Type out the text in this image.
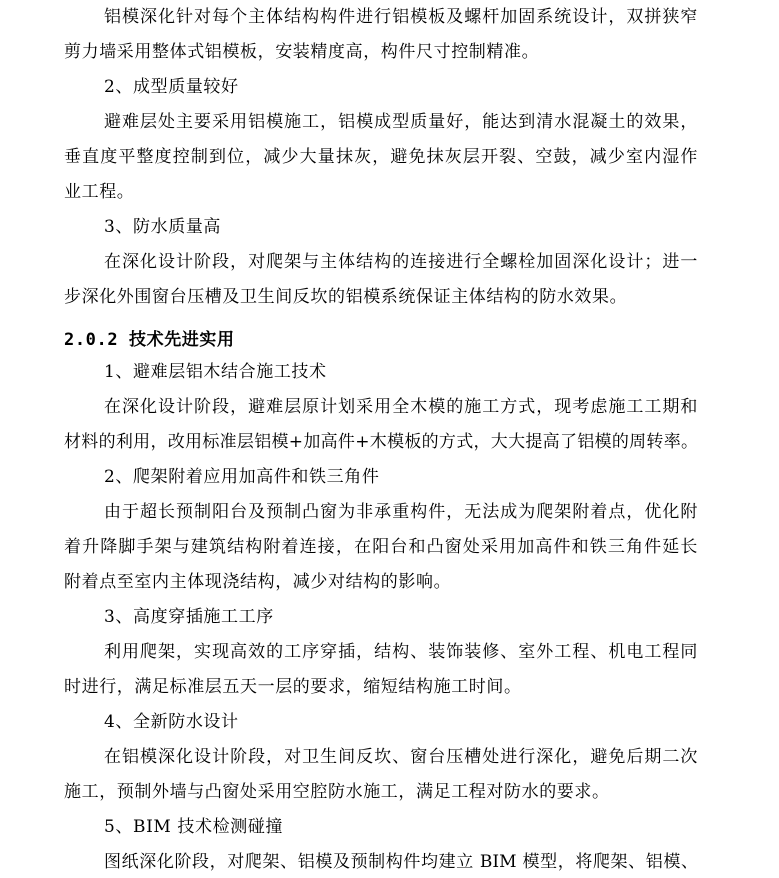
铝模深化针对每个主体结构构件进行铝模板及螺杆加固系统设计，双拼狭窄
剪力墙采用整体式铝模板，安装精度高，构件尺寸控制精准。
2、成型质量较好
避难层处主要采用铝模施工，铝模成型质量好，能达到清水混凝土的效果，
垂直度平整度控制到位，减少大量抹灰，避免抹灰层开裂、空鼓，减少室内湿作
业工程。
3、防水质量高
在深化设计阶段，对爬架与主体结构的连接进行全螺栓加固深化设计；进一
步深化外围窗台压槽及卫生间反坎的铝模系统保证主体结构的防水效果。
2.0.2 技术先进实用
1、避难层铝木结合施工技术
在深化设计阶段，避难层原计划采用全木模的施工方式，现考虑施工工期和
材料的利用，改用标准层铝模+加高件+木模板的方式，大大提高了铝模的周转率。
2、爬架附着应用加高件和铁三角件
由于超长预制阳台及预制凸窗为非承重构件，无法成为爬架附着点，优化附
着升降脚手架与建筑结构附着连接，在阳台和凸窗处采用加高件和铁三角件延长
附着点至室内主体现浇结构，减少对结构的影响。
3、高度穿插施工工序
利用爬架，实现高效的工序穿插，结构、装饰装修、室外工程、机电工程同
时进行，满足标准层五天一层的要求，缩短结构施工时间。
4、全新防水设计
在铝模深化设计阶段，对卫生间反坎、窗台压槽处进行深化，避免后期二次
施工，预制外墙与凸窗处采用空腔防水施工，满足工程对防水的要求。
5、BIM 技术检测碰撞
图纸深化阶段，对爬架、铝模及预制构件均建立 BIM 模型，将爬架、铝模、
